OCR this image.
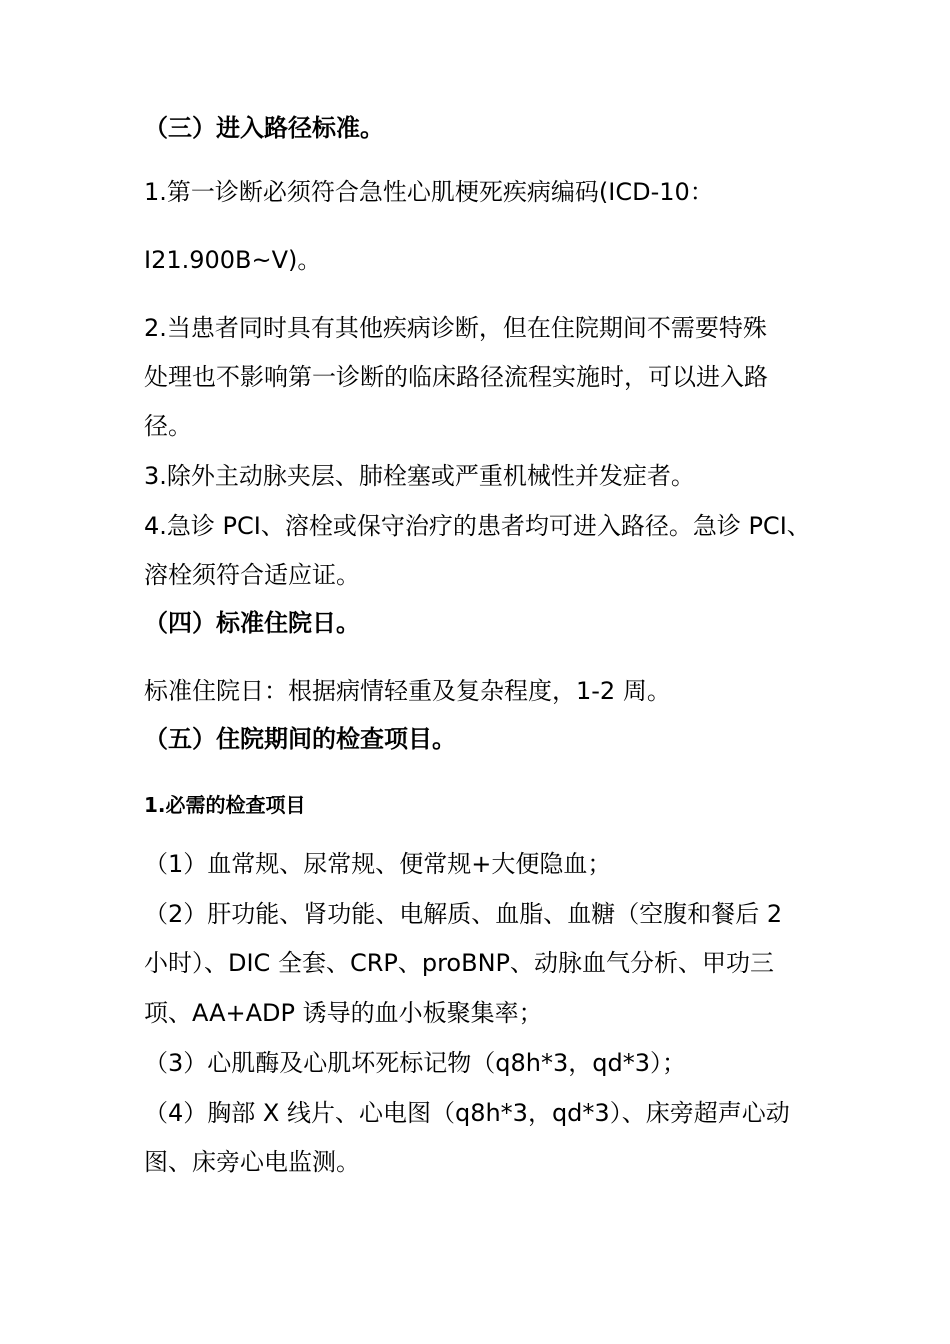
（三）进入路径标准。

1.第一诊断必须符合急性心肌梗死疾病编码(ICD-10：

I21.900B~V)。

2.当患者同时具有其他疾病诊断，但在住院期间不需要特殊

处理也不影响第一诊断的临床路径流程实施时，可以进入路

径。

3.除外主动脉夹层、肺栓塞或严重机械性并发症者。

4.急诊 PCI、溶栓或保守治疗的患者均可进入路径。急诊 PCI、

溶栓须符合适应证。

（四）标准住院日。

标准住院日：根据病情轻重及复杂程度，1-2 周。

（五）住院期间的检查项目。

1.必需的检查项目

（1）血常规、尿常规、便常规+大便隐血；

（2）肝功能、肾功能、电解质、血脂、血糖（空腹和餐后 2

小时）、DIC 全套、CRP、proBNP、动脉血气分析、甲功三

项、AA+ADP 诱导的血小板聚集率；

（3）心肌酶及心肌坏死标记物（q8h*3，qd*3）；

（4）胸部 X 线片、心电图（q8h*3，qd*3）、床旁超声心动

图、床旁心电监测。
